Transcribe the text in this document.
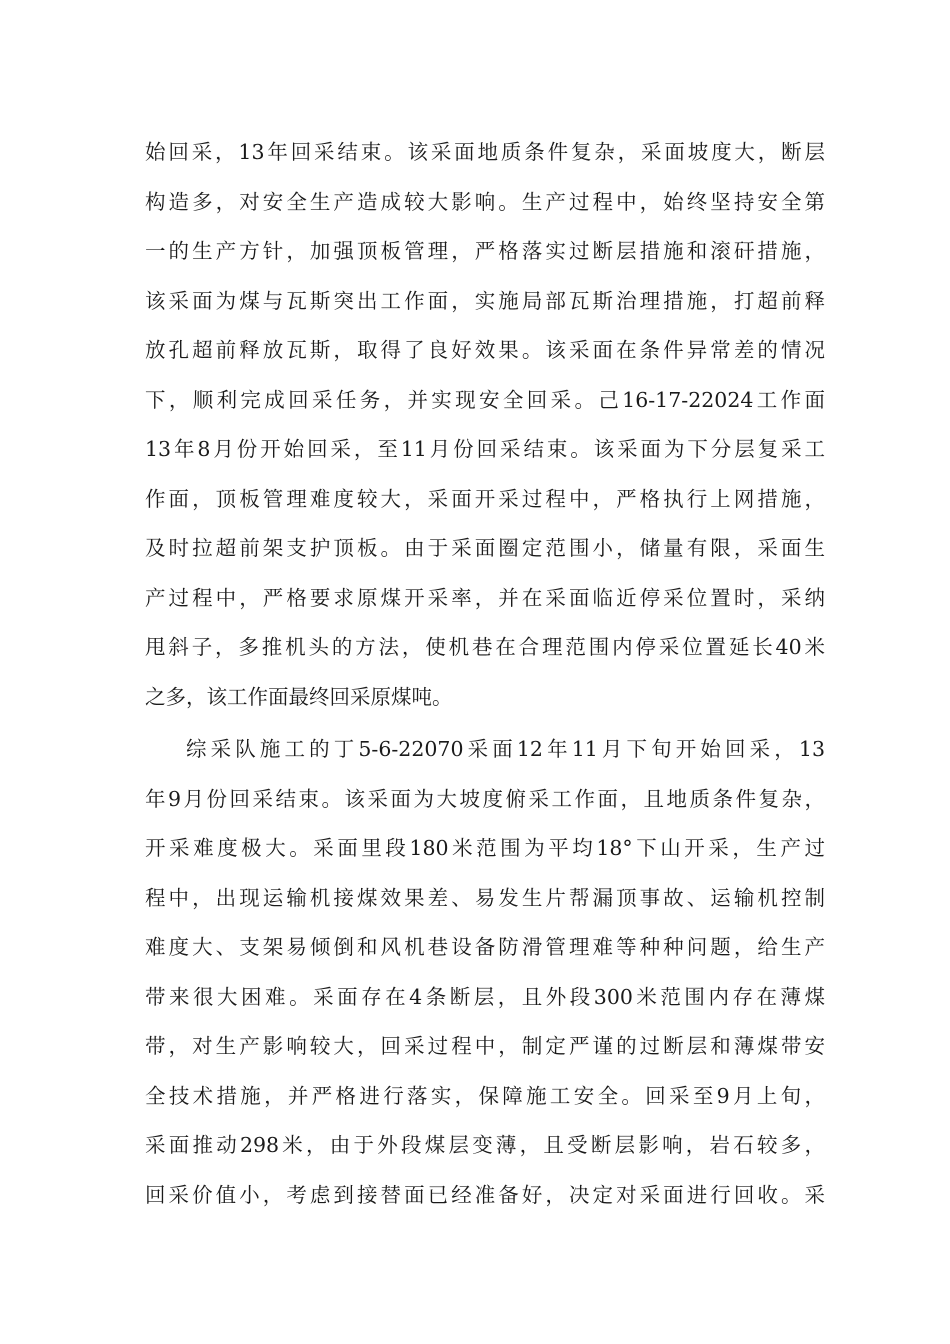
始回采，13年回采结束。该采面地质条件复杂，采面坡度大，断层
构造多，对安全生产造成较大影响。生产过程中，始终坚持安全第
一的生产方针，加强顶板管理，严格落实过断层措施和滚矸措施，
该采面为煤与瓦斯突出工作面，实施局部瓦斯治理措施，打超前释
放孔超前释放瓦斯，取得了良好效果。该采面在条件异常差的情况
下，顺利完成回采任务，并实现安全回采。己16-17-22024工作面
13年8月份开始回采，至11月份回采结束。该采面为下分层复采工
作面，顶板管理难度较大，采面开采过程中，严格执行上网措施，
及时拉超前架支护顶板。由于采面圈定范围小，储量有限，采面生
产过程中，严格要求原煤开采率，并在采面临近停采位置时，采纳
甩斜子，多推机头的方法，使机巷在合理范围内停采位置延长40米
之多，该工作面最终回采原煤吨。
综采队施工的丁5-6-22070采面12年11月下旬开始回采，13
年9月份回采结束。该采面为大坡度俯采工作面，且地质条件复杂，
开采难度极大。采面里段180米范围为平均18°下山开采，生产过
程中，出现运输机接煤效果差、易发生片帮漏顶事故、运输机控制
难度大、支架易倾倒和风机巷设备防滑管理难等种种问题，给生产
带来很大困难。采面存在4条断层，且外段300米范围内存在薄煤
带，对生产影响较大，回采过程中，制定严谨的过断层和薄煤带安
全技术措施，并严格进行落实，保障施工安全。回采至9月上旬，
采面推动298米，由于外段煤层变薄，且受断层影响，岩石较多，
回采价值小，考虑到接替面已经准备好，决定对采面进行回收。采
